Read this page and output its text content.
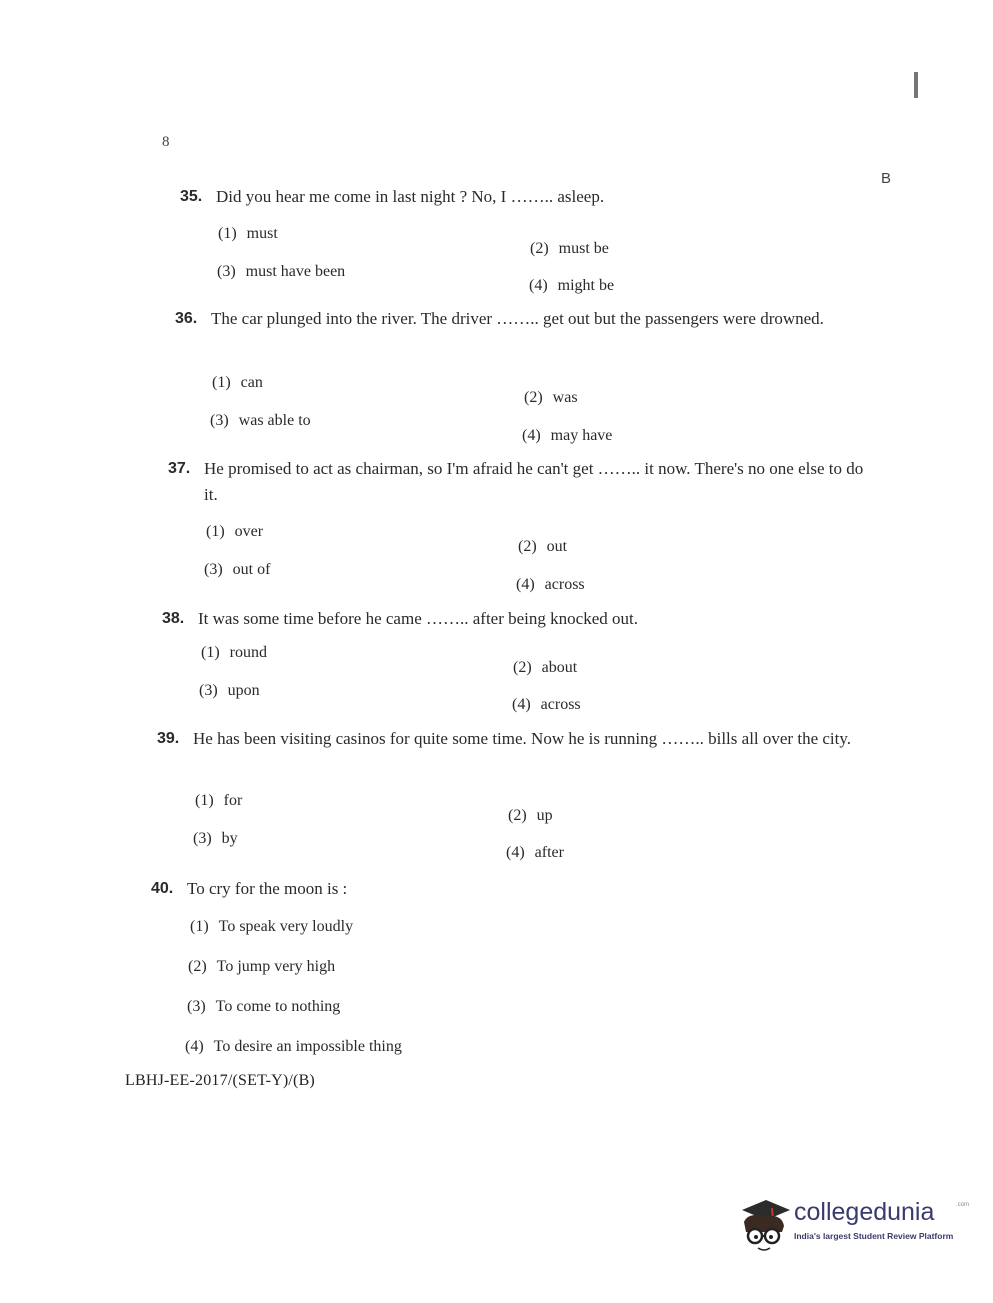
8
B
35. Did you hear me come in last night ? No, I …….. asleep.
(1) must
(2) must be
(3) must have been
(4) might be
36. The car plunged into the river. The driver …….. get out but the passengers were drowned.
(1) can
(2) was
(3) was able to
(4) may have
37. He promised to act as chairman, so I'm afraid he can't get …….. it now. There's no one else to do it.
(1) over
(2) out
(3) out of
(4) across
38. It was some time before he came …….. after being knocked out.
(1) round
(2) about
(3) upon
(4) across
39. He has been visiting casinos for quite some time. Now he is running …….. bills all over the city.
(1) for
(2) up
(3) by
(4) after
40. To cry for the moon is :
(1) To speak very loudly
(2) To jump very high
(3) To come to nothing
(4) To desire an impossible thing
LBHJ-EE-2017/(SET-Y)/(B)
collegedunia	.com
India's largest Student Review Platform
